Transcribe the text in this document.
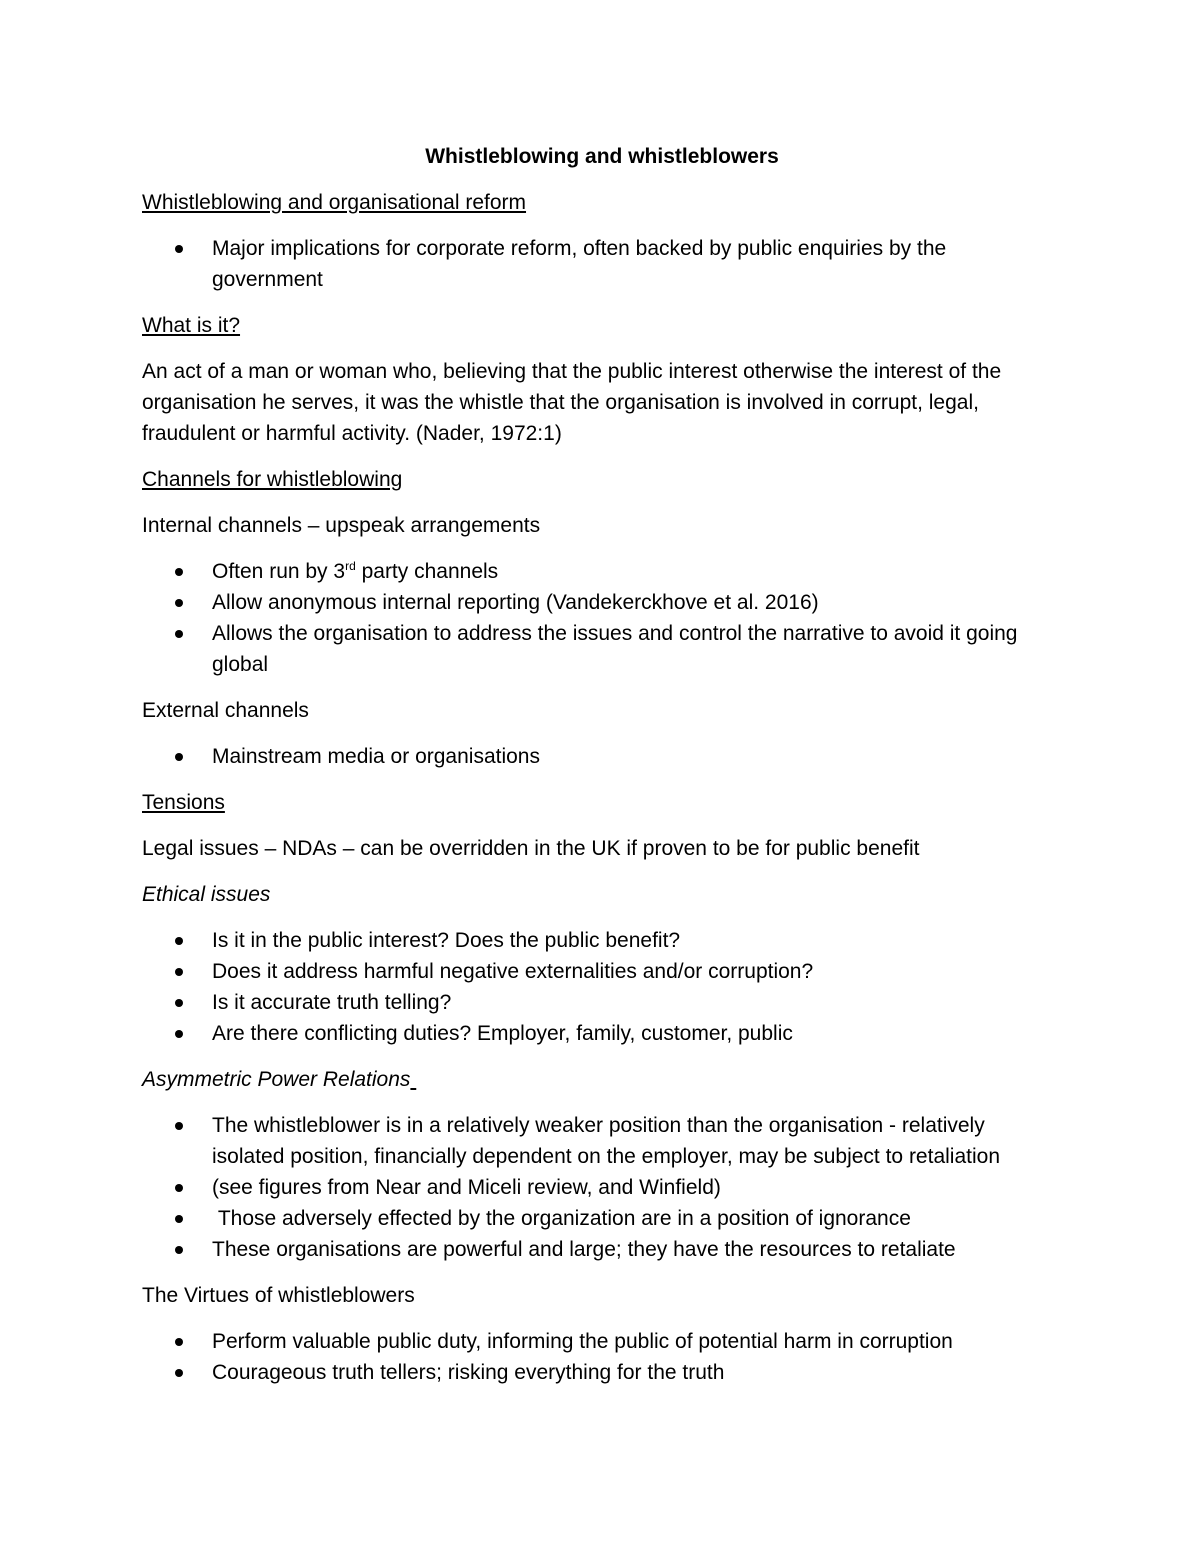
Whistleblowing and whistleblowers
Whistleblowing and organisational reform
Major implications for corporate reform, often backed by public enquiries by the government
What is it?
An act of a man or woman who, believing that the public interest otherwise the interest of the organisation he serves, it was the whistle that the organisation is involved in corrupt, legal, fraudulent or harmful activity. (Nader, 1972:1)
Channels for whistleblowing
Internal channels – upspeak arrangements
Often run by 3rd party channels
Allow anonymous internal reporting (Vandekerckhove et al. 2016)
Allows the organisation to address the issues and control the narrative to avoid it going global
External channels
Mainstream media or organisations
Tensions
Legal issues – NDAs – can be overridden in the UK if proven to be for public benefit
Ethical issues
Is it in the public interest? Does the public benefit?
Does it address harmful negative externalities and/or corruption?
Is it accurate truth telling?
Are there conflicting duties? Employer, family, customer, public
Asymmetric Power Relations
The whistleblower is in a relatively weaker position than the organisation - relatively isolated position, financially dependent on the employer, may be subject to retaliation
(see figures from Near and Miceli review, and Winfield)
Those adversely effected by the organization are in a position of ignorance
These organisations are powerful and large; they have the resources to retaliate
The Virtues of whistleblowers
Perform valuable public duty, informing the public of potential harm in corruption
Courageous truth tellers; risking everything for the truth
